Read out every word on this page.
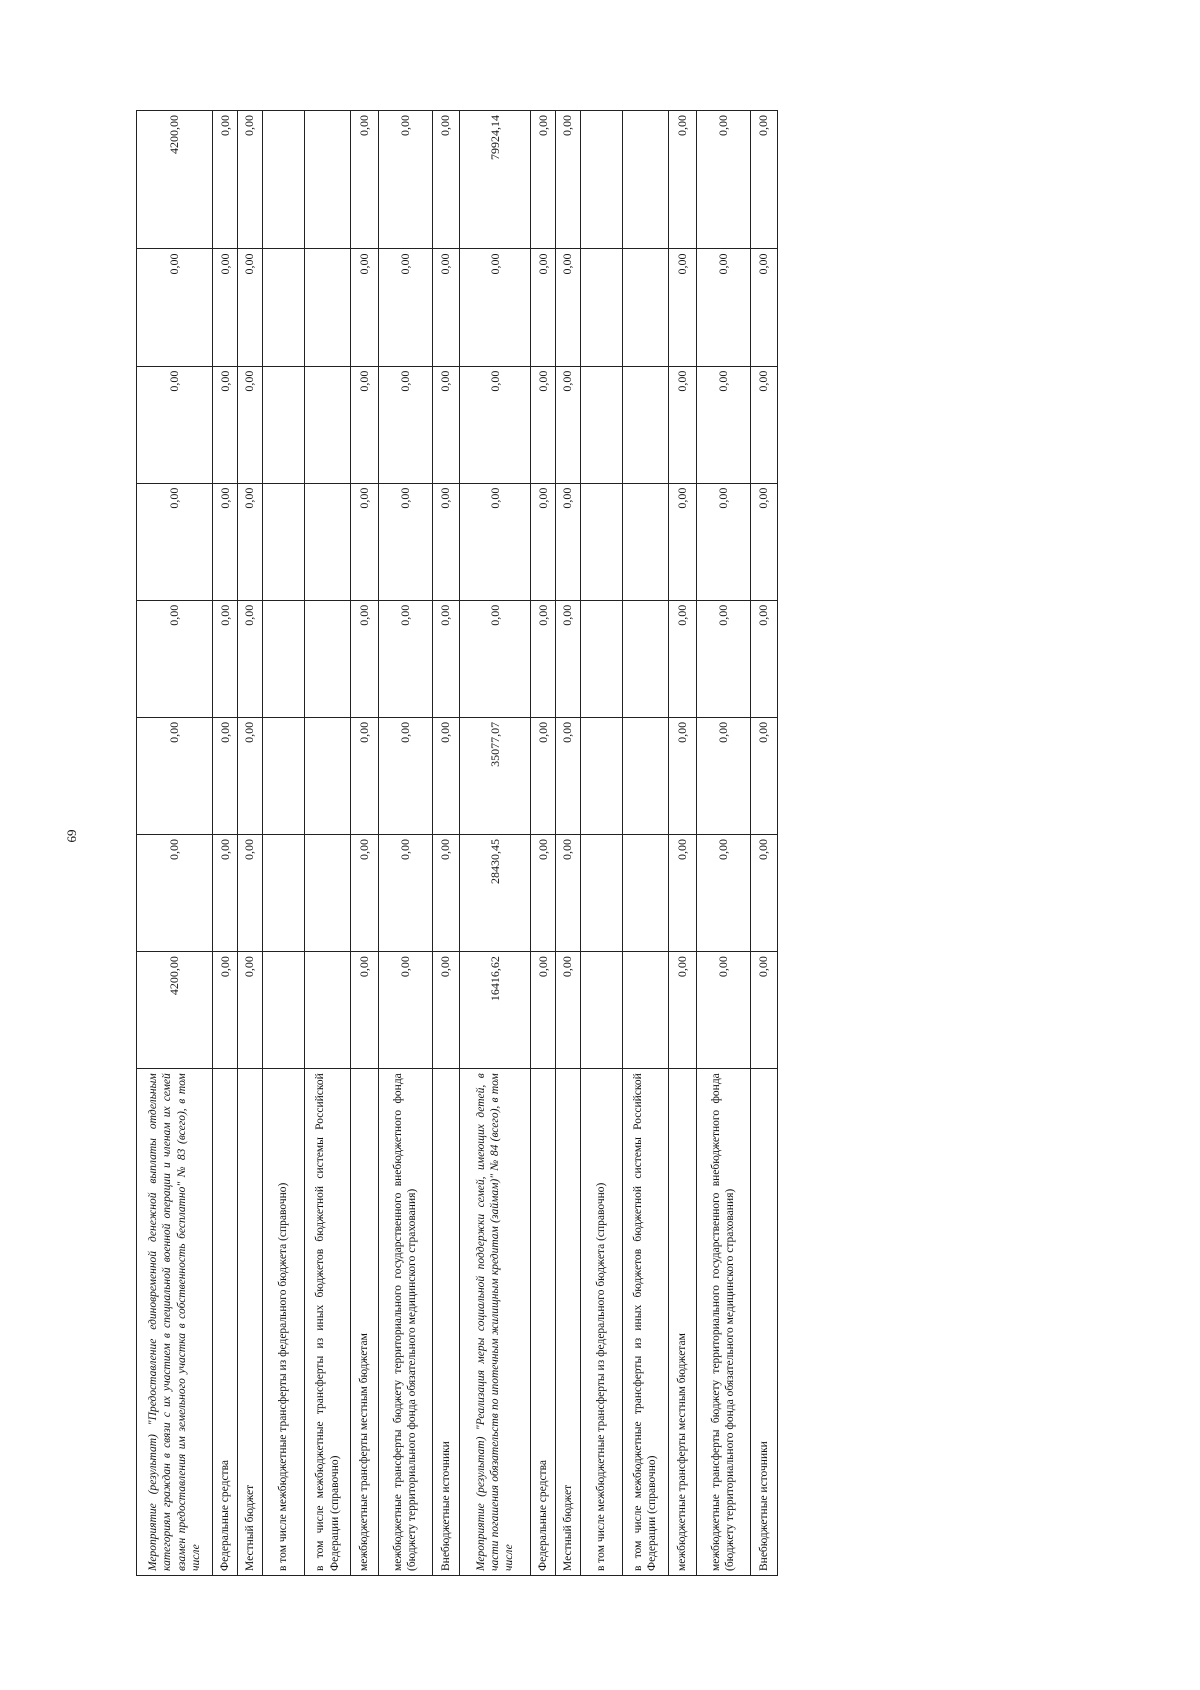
69
Мероприятие (результат) "Предоставление единовременной денежной выплаты отдельным категориям граждан в связи с их участием в специальной военной операции и членам их семей взамен предоставления им земельного участка в собственность бесплатно" № 83 (всего), в том числе	4200,00	0,00	0,00	0,00	0,00	0,00	0,00	4200,00
Федеральные средства	0,00	0,00	0,00	0,00	0,00	0,00	0,00	0,00
Местный бюджет	0,00	0,00	0,00	0,00	0,00	0,00	0,00	0,00
в том числе межбюджетные трансферты из федерального бюджета (справочно)								
в том числе межбюджетные трансферты из иных бюджетов бюджетной системы Российской Федерации (справочно)								
межбюджетные трансферты местным бюджетам	0,00	0,00	0,00	0,00	0,00	0,00	0,00	0,00
межбюджетные трансферты бюджету территориального государственного внебюджетного фонда (бюджету территориального фонда обязательного медицинского страхования)	0,00	0,00	0,00	0,00	0,00	0,00	0,00	0,00
Внебюджетные источники	0,00	0,00	0,00	0,00	0,00	0,00	0,00	0,00
Мероприятие (результат) "Реализация меры социальной поддержки семей, имеющих детей, в части погашения обязательств по ипотечным жилищным кредитам (займам)" № 84 (всего), в том числе	16416,62	28430,45	35077,07	0,00	0,00	0,00	0,00	79924,14
Федеральные средства	0,00	0,00	0,00	0,00	0,00	0,00	0,00	0,00
Местный бюджет	0,00	0,00	0,00	0,00	0,00	0,00	0,00	0,00
в том числе межбюджетные трансферты из федерального бюджета (справочно)								
в том числе межбюджетные трансферты из иных бюджетов бюджетной системы Российской Федерации (справочно)								
межбюджетные трансферты местным бюджетам	0,00	0,00	0,00	0,00	0,00	0,00	0,00	0,00
межбюджетные трансферты бюджету территориального государственного внебюджетного фонда (бюджету территориального фонда обязательного медицинского страхования)	0,00	0,00	0,00	0,00	0,00	0,00	0,00	0,00
Внебюджетные источники	0,00	0,00	0,00	0,00	0,00	0,00	0,00	0,00
